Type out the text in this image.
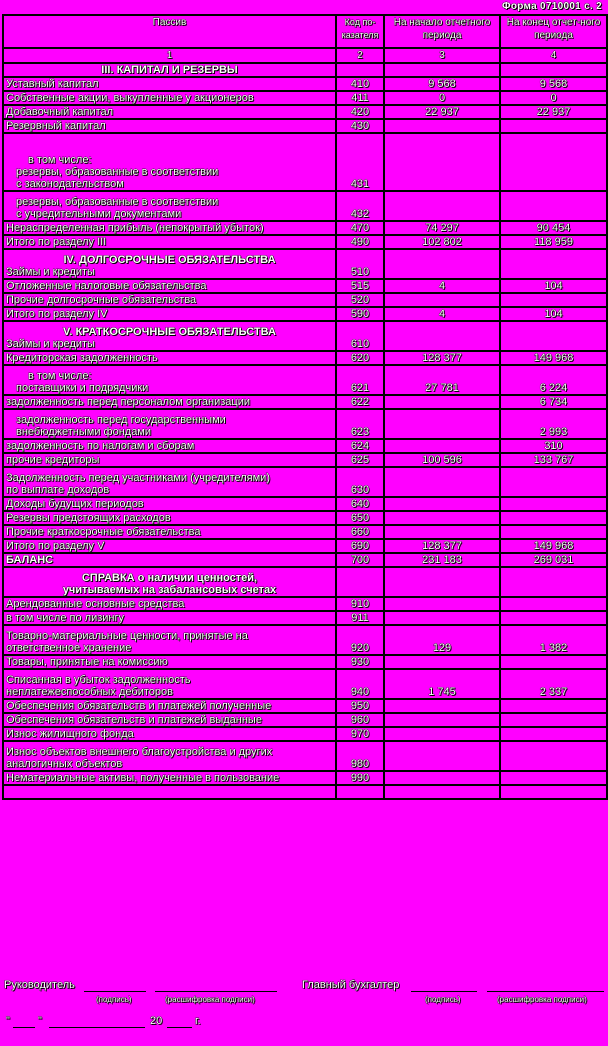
Форма 0710001 с. 2
Пассив	Код по-казателя	На начало отчетного периода	На конец отчет-ного периода
1	2	3	4
III. КАПИТАЛ И РЕЗЕРВЫ			
Уставный капитал	410	9 568	9 568
Собственные акции, выкупленные у акционеров	411	0	0
Добавочный капитал	420	22 937	22 937
Резервный капитал	430		

в том числе:
резервы, образованные в соответствии
с законодательством	431		

резервы, образованные в соответствии
с учредительными документами	432		
Нераспределенная прибыль (непокрытый убыток)	470	74 297	90 454
Итого по разделу III	490	102 802	118 959

IV. ДОЛГОСРОЧНЫЕ ОБЯЗАТЕЛЬСТВА
Займы и кредиты	510		
Отложенные налоговые обязательства	515	4	104
Прочие долгосрочные обязательства	520		
Итого по разделу IV	590	4	104

V. КРАТКОСРОЧНЫЕ ОБЯЗАТЕЛЬСТВА
Займы и кредиты	610		
Кредиторская задолженность	620	128 377	149 968

в том числе:
поставщики и подрядчики	621	27 781	6 224
задолженность перед персоналом организации	622		6 734

задолженность перед государственными
внебюджетными фондами	623		2 993
задолженность по налогам и сборам	624		310
прочие кредиторы	625	100 596	133 767

Задолженность перед участниками (учредителями)
по выплате доходов	630		
Доходы будущих периодов	640		
Резервы предстоящих расходов	650		
Прочие краткосрочные обязательства	660		
Итого по разделу V	690	128 377	149 968
БАЛАНС	700	231 183	269 031

СПРАВКА о наличии ценностей,
учитываемых на забалансовых счетах			

Арендованные основные средства	910		
в том числе по лизингу	911		

Товарно-материальные ценности, принятые на
ответственное хранение	920	129	1 382
Товары, принятые на комиссию	930		

Списанная в убыток задолженность
неплатежеспособных дебиторов	940	1 745	2 337
Обеспечения обязательств и платежей полученные	950		
Обеспечения обязательств и платежей выданные	960		
Износ жилищного фонда	970		

Износ объектов внешнего благоустройства и других
аналогичных объектов	980		
Нематериальные активы, полученные в пользование	990		

Руководитель
(подпись)	(расшифровка подписи)
Главный бухгалтер
(подпись)	(расшифровка подписи)
"	"	20	г.
